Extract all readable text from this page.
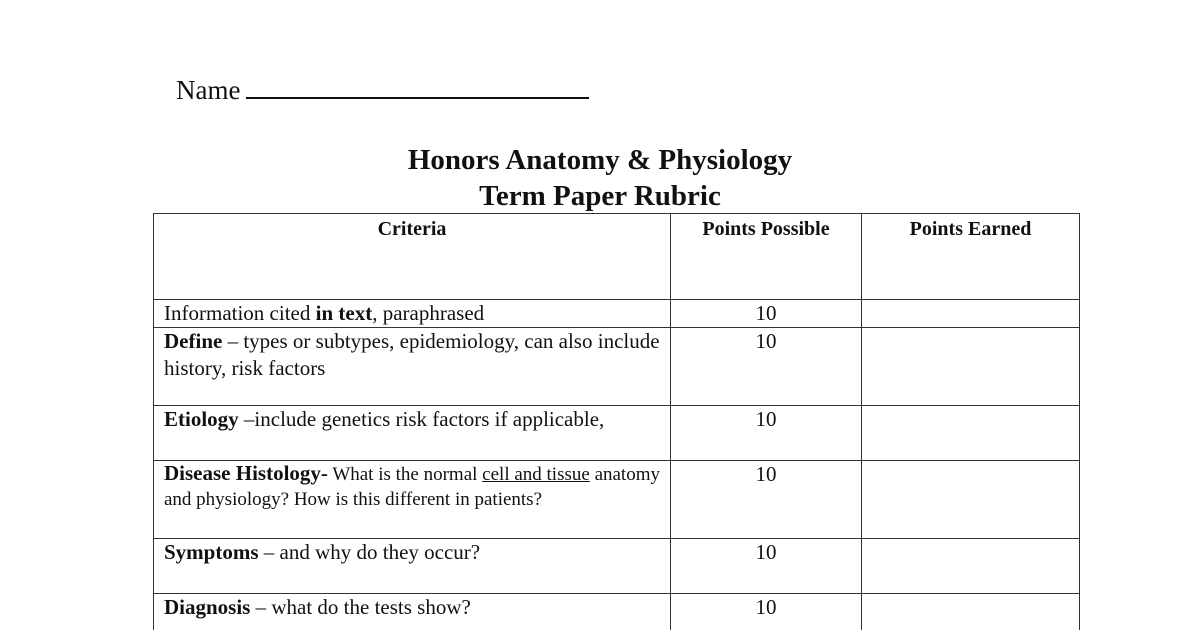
Name
Honors Anatomy & Physiology
Term Paper Rubric
Criteria	Points Possible	Points Earned
Information cited in text, paraphrased	10	
Define – types or subtypes, epidemiology, can also include history, risk factors	10	
Etiology –include genetics risk factors if applicable,	10	
Disease Histology- What is the normal cell and tissue anatomy and physiology? How is this different in patients?	10	
Symptoms – and why do they occur?	10	
Diagnosis – what do the tests show?	10	
